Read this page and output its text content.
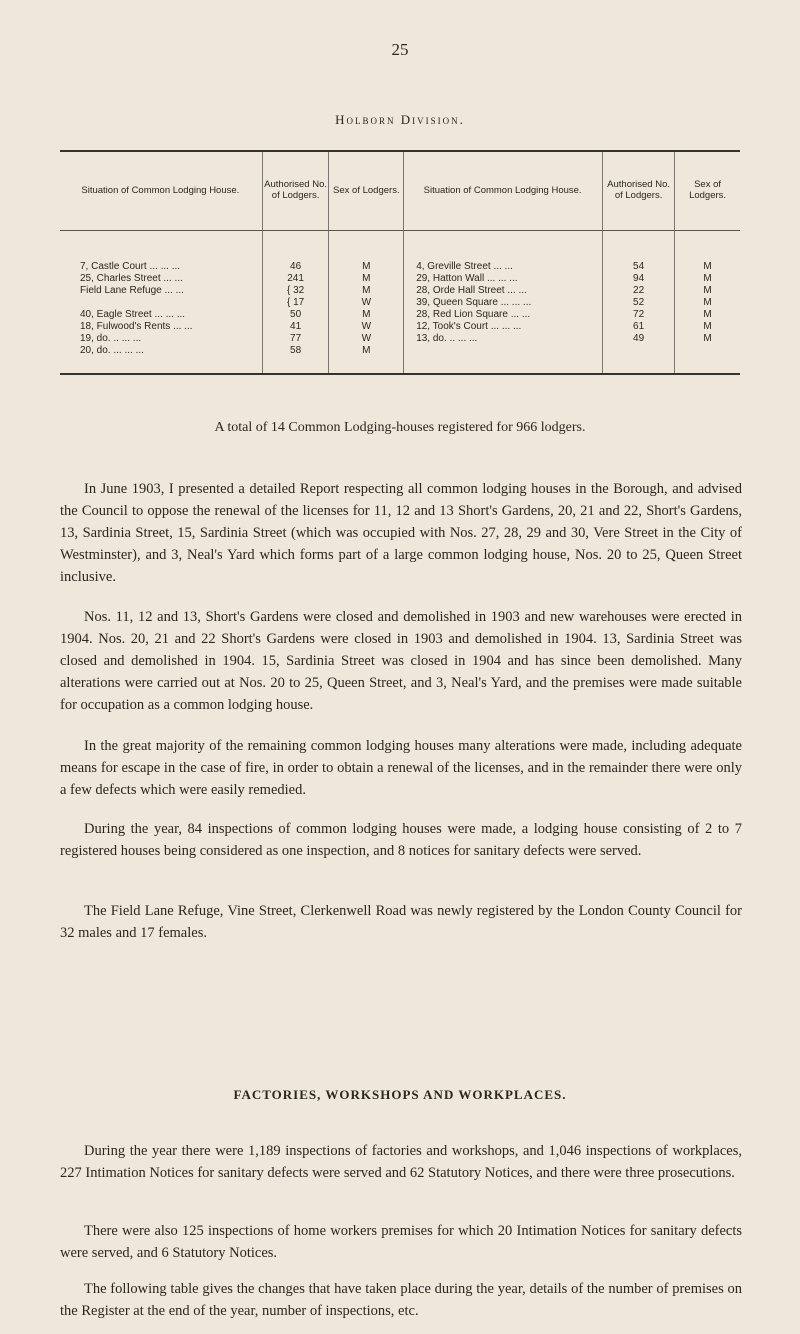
25
Holborn Division.
Situation of Common Lodging House.	Authorised No. of Lodgers.	Sex of Lodgers.	Situation of Common Lodging House.	Authorised No. of Lodgers.	Sex of Lodgers.
7, Castle Court ... ... ...	46	M	4, Greville Street ... ...	54	M
25, Charles Street ... ...	241	M	29, Hatton Wall ... ... ...	94	M
Field Lane Refuge ... ...	{ 32	M	28, Orde Hall Street ... ...	22	M
	{ 17	W	39, Queen Square ... ... ...	52	M
40, Eagle Street ... ... ...	50	M	28, Red Lion Square ... ...	72	M
18, Fulwood's Rents ... ...	41	W	12, Took's Court ... ... ...	61	M
19, do. .. ... ...	77	W	13, do. .. ... ...	49	M
20, do. ... ... ...	58	M			
A total of 14 Common Lodging-houses registered for 966 lodgers.

In June 1903, I presented a detailed Report respecting all common lodging houses in the Borough, and advised the Council to oppose the renewal of the licenses for 11, 12 and 13 Short's Gardens, 20, 21 and 22, Short's Gardens, 13, Sardinia Street, 15, Sardinia Street (which was occupied with Nos. 27, 28, 29 and 30, Vere Street in the City of Westminster), and 3, Neal's Yard which forms part of a large common lodging house, Nos. 20 to 25, Queen Street inclusive.

Nos. 11, 12 and 13, Short's Gardens were closed and demolished in 1903 and new warehouses were erected in 1904. Nos. 20, 21 and 22 Short's Gardens were closed in 1903 and demolished in 1904. 13, Sardinia Street was closed and demolished in 1904. 15, Sardinia Street was closed in 1904 and has since been demolished. Many alterations were carried out at Nos. 20 to 25, Queen Street, and 3, Neal's Yard, and the premises were made suitable for occupation as a common lodging house.

In the great majority of the remaining common lodging houses many alterations were made, including adequate means for escape in the case of fire, in order to obtain a renewal of the licenses, and in the remainder there were only a few defects which were easily remedied.

During the year, 84 inspections of common lodging houses were made, a lodging house consisting of 2 to 7 registered houses being considered as one inspection, and 8 notices for sanitary defects were served.

The Field Lane Refuge, Vine Street, Clerkenwell Road was newly registered by the London County Council for 32 males and 17 females.

FACTORIES, WORKSHOPS AND WORKPLACES.

During the year there were 1,189 inspections of factories and workshops, and 1,046 inspections of workplaces, 227 Intimation Notices for sanitary defects were served and 62 Statutory Notices, and there were three prosecutions.

There were also 125 inspections of home workers premises for which 20 Intimation Notices for sanitary defects were served, and 6 Statutory Notices.

The following table gives the changes that have taken place during the year, details of the number of premises on the Register at the end of the year, number of inspections, etc.
